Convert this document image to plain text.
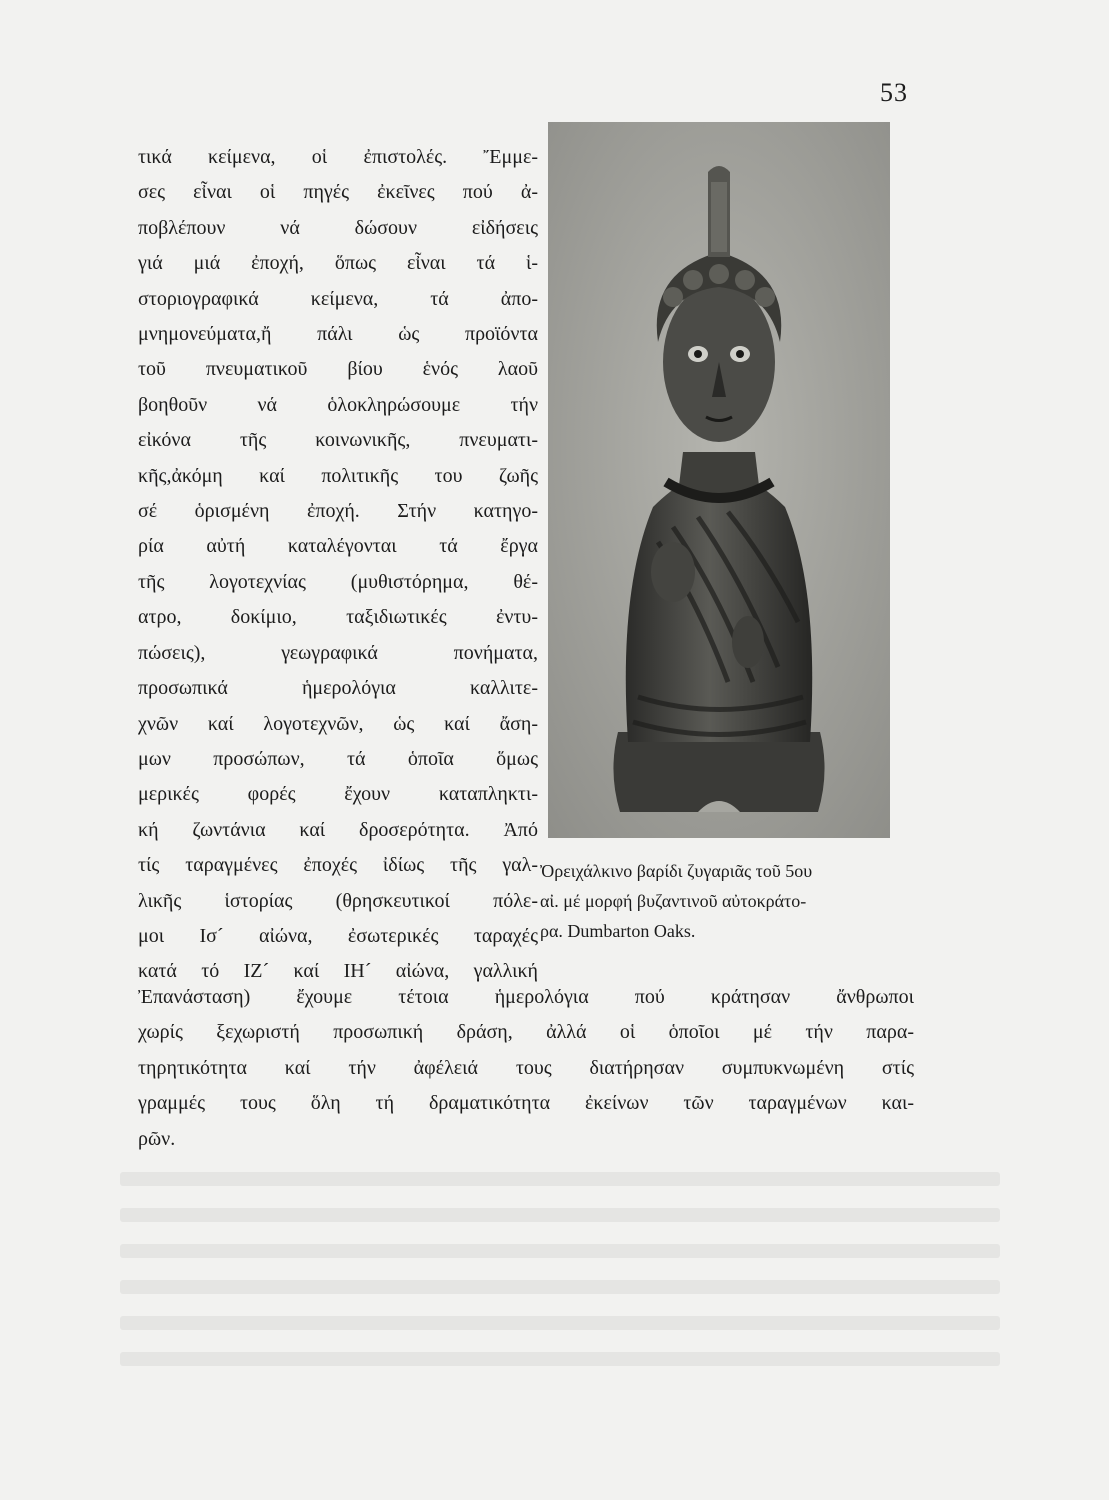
53
τικά κείμενα, οἱ ἐπιστολές. Ἔμμε-
σες εἶναι οἱ πηγές ἐκεῖνες πού ἀ-
ποβλέπουν νά δώσουν εἰδήσεις
γιά μιά ἐποχή, ὅπως εἶναι τά ἱ-
στοριογραφικά κείμενα, τά ἀπο-
μνημονεύματα,ἤ πάλι ὡς προϊόντα
τοῦ πνευματικοῦ βίου ἑνός λαοῦ
βοηθοῦν νά ὁλοκληρώσουμε τήν
εἰκόνα τῆς κοινωνικῆς, πνευματι-
κῆς,ἀκόμη καί πολιτικῆς του ζωῆς
σέ ὁρισμένη ἐποχή. Στήν κατηγο-
ρία αὐτή καταλέγονται τά ἔργα
τῆς λογοτεχνίας (μυθιστόρημα, θέ-
ατρο, δοκίμιο, ταξιδιωτικές ἐντυ-
πώσεις), γεωγραφικά πονήματα,
προσωπικά ἡμερολόγια καλλιτε-
χνῶν καί λογοτεχνῶν, ὡς καί ἄση-
μων προσώπων, τά ὁποῖα ὅμως
μερικές φορές ἔχουν καταπληκτι-
κή ζωντάνια καί δροσερότητα. Ἀπό
τίς ταραγμένες ἐποχές ἰδίως τῆς γαλ-
λικῆς ἱστορίας (θρησκευτικοί πόλε-
μοι Ισ´ αἰώνα, ἐσωτερικές ταραχές
κατά τό ΙΖ´ καί ΙΗ´ αἰώνα, γαλλική
Ὀρειχάλκινο βαρίδι ζυγαριᾶς τοῦ 5ου
αἰ. μέ μορφή βυζαντινοῦ αὐτοκράτο-
ρα. Dumbarton Oaks.
Ἐπανάσταση) ἔχουμε τέτοια ἡμερολόγια πού κράτησαν ἄνθρωποι
χωρίς ξεχωριστή προσωπική δράση, ἀλλά οἱ ὁποῖοι μέ τήν παρα-
τηρητικότητα καί τήν ἀφέλειά τους διατήρησαν συμπυκνωμένη στίς
γραμμές τους ὅλη τή δραματικότητα ἐκείνων τῶν ταραγμένων και-
ρῶν.
